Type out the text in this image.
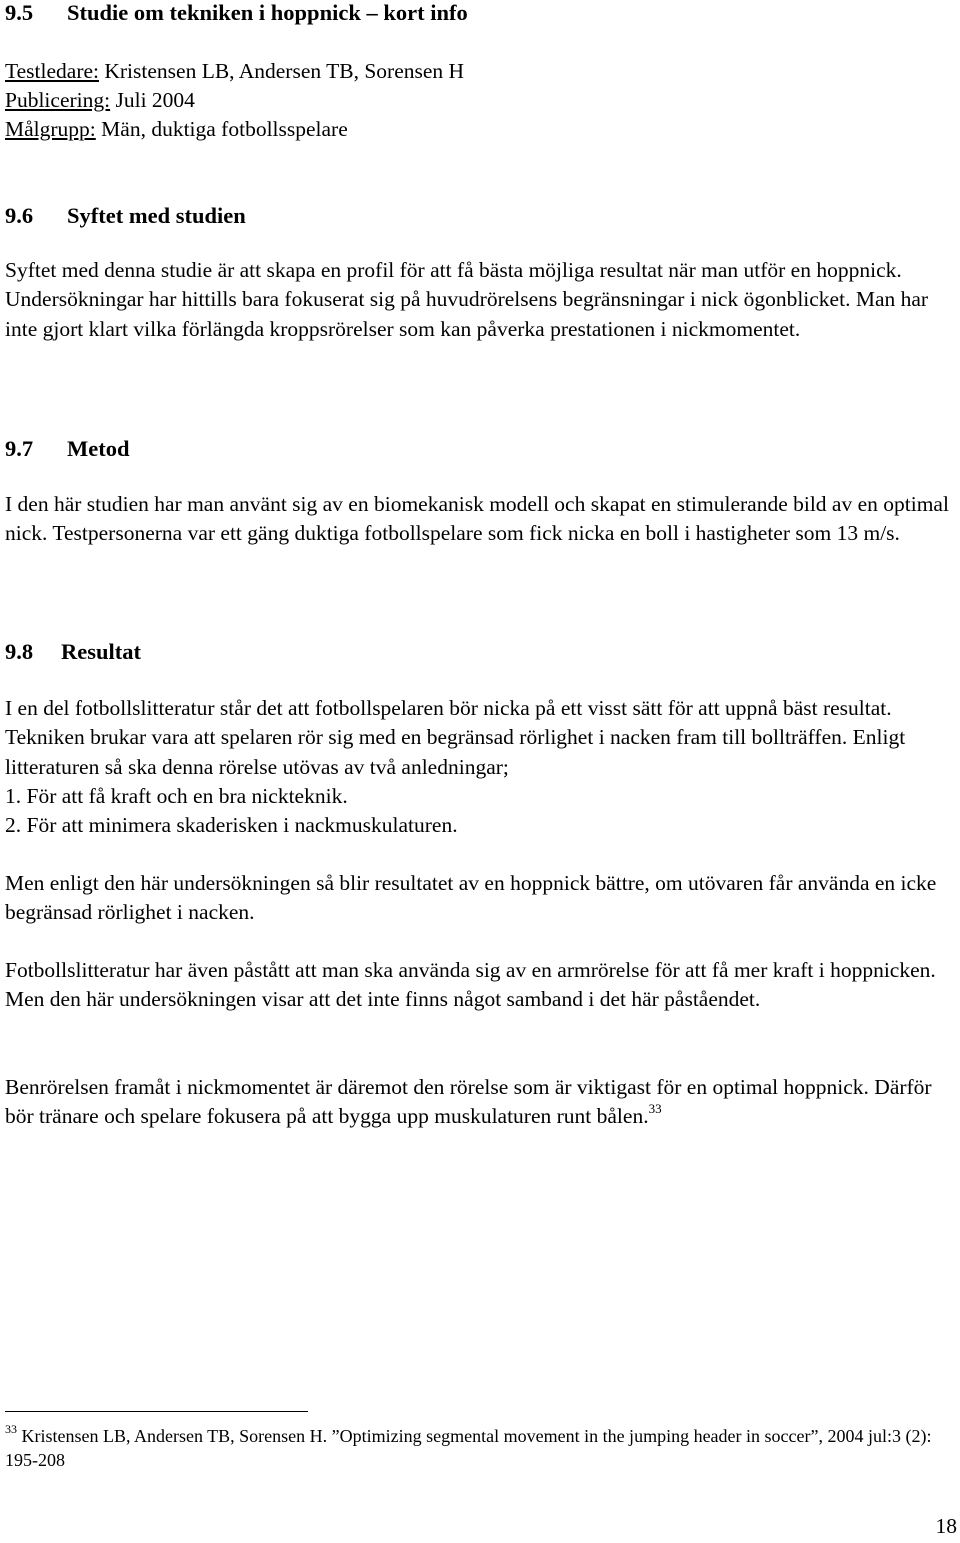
9.5 Studie om tekniken i hoppnick – kort info
Testledare: Kristensen LB, Andersen TB, Sorensen H
Publicering: Juli 2004
Målgrupp: Män, duktiga fotbollsspelare
9.6 Syftet med studien

Syftet med denna studie är att skapa en profil för att få bästa möjliga resultat när man utför en hoppnick. Undersökningar har hittills bara fokuserat sig på huvudrörelsens begränsningar i nick ögonblicket. Man har inte gjort klart vilka förlängda kroppsrörelser som kan påverka prestationen i nickmomentet.

9.7 Metod

I den här studien har man använt sig av en biomekanisk modell och skapat en stimulerande bild av en optimal nick. Testpersonerna var ett gäng duktiga fotbollspelare som fick nicka en boll i hastigheter som 13 m/s.

9.8 Resultat
I en del fotbollslitteratur står det att fotbollspelaren bör nicka på ett visst sätt för att uppnå bäst resultat. Tekniken brukar vara att spelaren rör sig med en begränsad rörlighet i nacken fram till bollträffen. Enligt litteraturen så ska denna rörelse utövas av två anledningar;
1. För att få kraft och en bra nickteknik.
2. För att minimera skaderisken i nackmuskulaturen.

Men enligt den här undersökningen så blir resultatet av en hoppnick bättre, om utövaren får använda en icke begränsad rörlighet i nacken.

Fotbollslitteratur har även påstått att man ska använda sig av en armrörelse för att få mer kraft i hoppnicken. Men den här undersökningen visar att det inte finns något samband i det här påståendet.

Benrörelsen framåt i nickmomentet är däremot den rörelse som är viktigast för en optimal hoppnick. Därför bör tränare och spelare fokusera på att bygga upp muskulaturen runt bålen.$^{33}$

$^{33}$ Kristensen LB, Andersen TB, Sorensen H. ”Optimizing segmental movement in the jumping header in soccer”, 2004 jul:3 (2): 195-208

18
